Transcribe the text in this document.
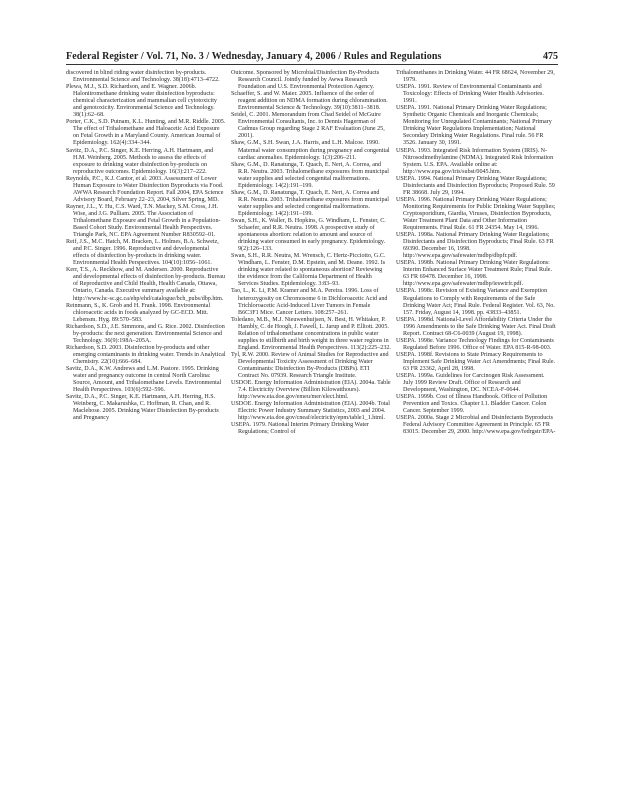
Federal Register / Vol. 71, No. 3 / Wednesday, January 4, 2006 / Rules and Regulations	475

discovered in blind riding water disinfection by-products. Environmental Science and Technology. 38(18):4713–4722.

Plewa, M.J., S.D. Richardson, and E. Wagner. 2006b. Halonitromethane drinking water disinfection byproducts: chemical characterization and mammalian cell cytotoxicity and genotoxicity. Environmental Science and Technology. 38(1):62–68.

Porter, C.K., S.D. Putnam, K.L. Hunting, and M.R. Riddle. 2005. The effect of Trihalomethane and Haloacetic Acid Exposure on Fetal Growth in a Maryland County. American Journal of Epidemiology. 162(4):334–344.

Savitz, D.A., P.C. Singer, K.E. Herring, A.H. Hartmann, and H.M. Weinberg. 2005. Methods to assess the effects of exposure to drinking water disinfection by-products on reproductive outcomes. Epidemiology. 16(3):217–222.

Reynolds, P.C., K.J. Cantor, et al. 2003. Assessment of Lower Human Exposure to Water Disinfection Byproducts via Food. AWWA Research Foundation Report. Fall 2004, EPA Science Advisory Board, February 22–23, 2004, Silver Spring, MD.

Rayner, J.L., Y. Hu, C.S. Ward, T.N. Mackey, S.M. Cross, J.H. Wise, and J.G. Pulliam. 2005. The Association of Trihalomethane Exposure and Fetal Growth in a Population-Based Cohort Study. Environmental Health Perspectives. Triangle Park, NC. EPA Agreement Number R830592–01.

Reif, J.S., M.C. Hatch, M. Bracken, L. Holmes, B.A. Schwetz, and P.C. Singer. 1996. Reproductive and developmental effects of disinfection by-products in drinking water. Environmental Health Perspectives. 104(10):1056–1061.

Kerr, T.S., A. Reckhow, and M. Andersen. 2000. Reproductive and developmental effects of disinfection by-products. Bureau of Reproductive and Child Health, Health Canada, Ottawa, Ontario, Canada. Executive summary available at: http://www.hc-sc.gc.ca/ehp/ehd/catalogue/bch_pubs/dbp.htm.

Reinmann, S., K. Grob and H. Frank. 1998. Environmental chloroacetic acids in foods analyzed by GC-ECD. Mitt. Lebensm. Hyg. 89:570–583.

Richardson, S.D., J.E. Simmons, and G. Rice. 2002. Disinfection by-products: the next generation. Environmental Science and Technology. 36(9):198A–205A.

Richardson, S.D. 2003. Disinfection by-products and other emerging contaminants in drinking water. Trends in Analytical Chemistry. 22(10):666–684.

Savitz, D.A., K.W. Andrews and L.M. Pastore. 1995. Drinking water and pregnancy outcome in central North Carolina: Source, Amount, and Trihalomethane Levels. Environmental Health Perspectives. 103(6):592–596.

Savitz, D.A., P.C. Singer, K.E. Hartmann, A.H. Herring, H.S. Weinberg, C. Makarushka, C. Hoffman, R. Chan, and R. Maclehose. 2005. Drinking Water Disinfection By-products and Pregnancy

Outcome. Sponsored by Microbial/Disinfection By-Products Research Council. Jointly funded by Awwa Research Foundation and U.S. Environmental Protection Agency.

Schaeffer, S. and W. Maier. 2005. Influence of the order of reagent addition on NDMA formation during chloramination. Environmental Science & Technology. 39(10):3811–3818.

Seidel, C. 2001. Memorandum from Chad Seidel of McGuire Environmental Consultants, Inc. to Dennis Hagerman of Cadmus Group regarding Stage 2 RAF Evaluation (June 25, 2001).

Shaw, G.M., S.H. Swan, J.A. Harris, and L.H. Malcoe. 1990. Maternal water consumption during pregnancy and congenital cardiac anomalies. Epidemiology. 1(3):206–211.

Shaw, G.M., D. Ranatunga, T. Quach, E. Neri, A. Correa, and R.R. Neutra. 2003. Trihalomethane exposures from municipal water supplies and selected congenital malformations. Epidemiology. 14(2):191–199.

Shaw, G.M., D. Ranatunga, T. Quach, E. Neri, A. Correa and R.R. Neutra. 2003. Trihalomethane exposures from municipal water supplies and selected congenital malformations. Epidemiology. 14(2):191–199.

Swan, S.H., K. Waller, B. Hopkins, G. Windham, L. Fenster, C. Schaefer, and R.R. Neutra. 1998. A prospective study of spontaneous abortion: relation to amount and source of drinking water consumed in early pregnancy. Epidemiology. 9(2):126–133.

Swan, S.H., R.R. Neutra, M. Wrensch, C. Hertz-Picciotto, G.C. Windham, L. Fenster, D.M. Epstein, and M. Deane. 1992. Is drinking water related to spontaneous abortion? Reviewing the evidence from the California Department of Health Services Studies. Epidemiology. 3:83–93.

Tao, L., K. Li, P.M. Kramer and M.A. Pereira. 1996. Loss of heterozygosity on Chromosome 6 in Dichloroacetic Acid and Trichloroacetic Acid-Induced Liver Tumors in Female B6C3F1 Mice. Cancer Letters. 108:257–261.

Toledano, M.B., M.J. Nieuwenhuijsen, N. Best, H. Whitaker, P. Hambly, C. de Hoogh, J. Fawell, L. Jarup and P. Elliott. 2005. Relation of trihalomethane concentrations in public water supplies to stillbirth and birth weight in three water regions in England. Environmental Health Perspectives. 113(2):225–232.

Tyl, R.W. 2000. Review of Animal Studies for Reproductive and Developmental Toxicity Assessment of Drinking Water Contaminants: Disinfection By-Products (DBPs). ETI Contract No. 07939. Research Triangle Institute.

USDOE. Energy Information Administration (EIA). 2004a. Table 7.4. Electricity Overview (Billion Kilowatthours). http://www.eia.doe.gov/emeu/mer/elect.html.

USDOE. Energy Information Administration (EIA). 2004b. Total Electric Power Industry Summary Statistics, 2003 and 2004. http://www.eia.doe.gov/cneaf/electricity/epm/table1_1.html.

USEPA. 1979. National Interim Primary Drinking Water Regulations; Control of

Trihalomethanes in Drinking Water. 44 FR 68624, November 29, 1979.

USEPA. 1991. Review of Environmental Contaminants and Toxicology: Effects of Drinking Water Health Advisories. 1991.

USEPA. 1991. National Primary Drinking Water Regulations; Synthetic Organic Chemicals and Inorganic Chemicals; Monitoring for Unregulated Contaminants; National Primary Drinking Water Regulations Implementation; National Secondary Drinking Water Regulations. Final rule. 56 FR 3526. January 30, 1991.

USEPA. 1993. Integrated Risk Information System (IRIS). N-Nitrosodimethylamine (NDMA). Integrated Risk Information System. U.S. EPA. Available online at: http://www.epa.gov/iris/subst/0045.htm.

USEPA. 1994. National Primary Drinking Water Regulations; Disinfectants and Disinfection Byproducts; Proposed Rule. 59 FR 38668. July 29, 1994.

USEPA. 1996. National Primary Drinking Water Regulations; Monitoring Requirements for Public Drinking Water Supplies; Cryptosporidium, Giardia, Viruses, Disinfection Byproducts, Water Treatment Plant Data and Other Information Requirements. Final Rule. 61 FR 24354. May 14, 1996.

USEPA. 1998a. National Primary Drinking Water Regulations; Disinfectants and Disinfection Byproducts; Final Rule. 63 FR 69390. December 16, 1998. http://www.epa.gov/safewater/mdbp/dbpfr.pdf.

USEPA. 1998b. National Primary Drinking Water Regulations: Interim Enhanced Surface Water Treatment Rule; Final Rule. 63 FR 69478. December 16, 1998. http://www.epa.gov/safewater/mdbp/ieswtrfr.pdf.

USEPA. 1998c. Revision of Existing Variance and Exemption Regulations to Comply with Requirements of the Safe Drinking Water Act; Final Rule. Federal Register. Vol. 63, No. 157. Friday, August 14, 1998. pp. 43833–43851.

USEPA. 1998d. National-Level Affordability Criteria Under the 1996 Amendments to the Safe Drinking Water Act. Final Draft Report. Contract 68-C6-0039 (August 19, 1998).

USEPA. 1998e. Variance Technology Findings for Contaminants Regulated Before 1996. Office of Water. EPA 815-R-98-003.

USEPA. 1998f. Revisions to State Primacy Requirements to Implement Safe Drinking Water Act Amendments; Final Rule. 63 FR 23362, April 28, 1998.

USEPA. 1999a. Guidelines for Carcinogen Risk Assessment. July 1999 Review Draft. Office of Research and Development, Washington, DC. NCEA-F-0644.

USEPA. 1999b. Cost of Illness Handbook. Office of Pollution Prevention and Toxics. Chapter I.1. Bladder Cancer. Colon Cancer. September 1999.

USEPA. 2000a. Stage 2 Microbial and Disinfectants Byproducts Federal Advisory Committee Agreement in Principle. 65 FR 83015. December 29, 2000. http://www.epa.gov/fedrgstr/EPA-
